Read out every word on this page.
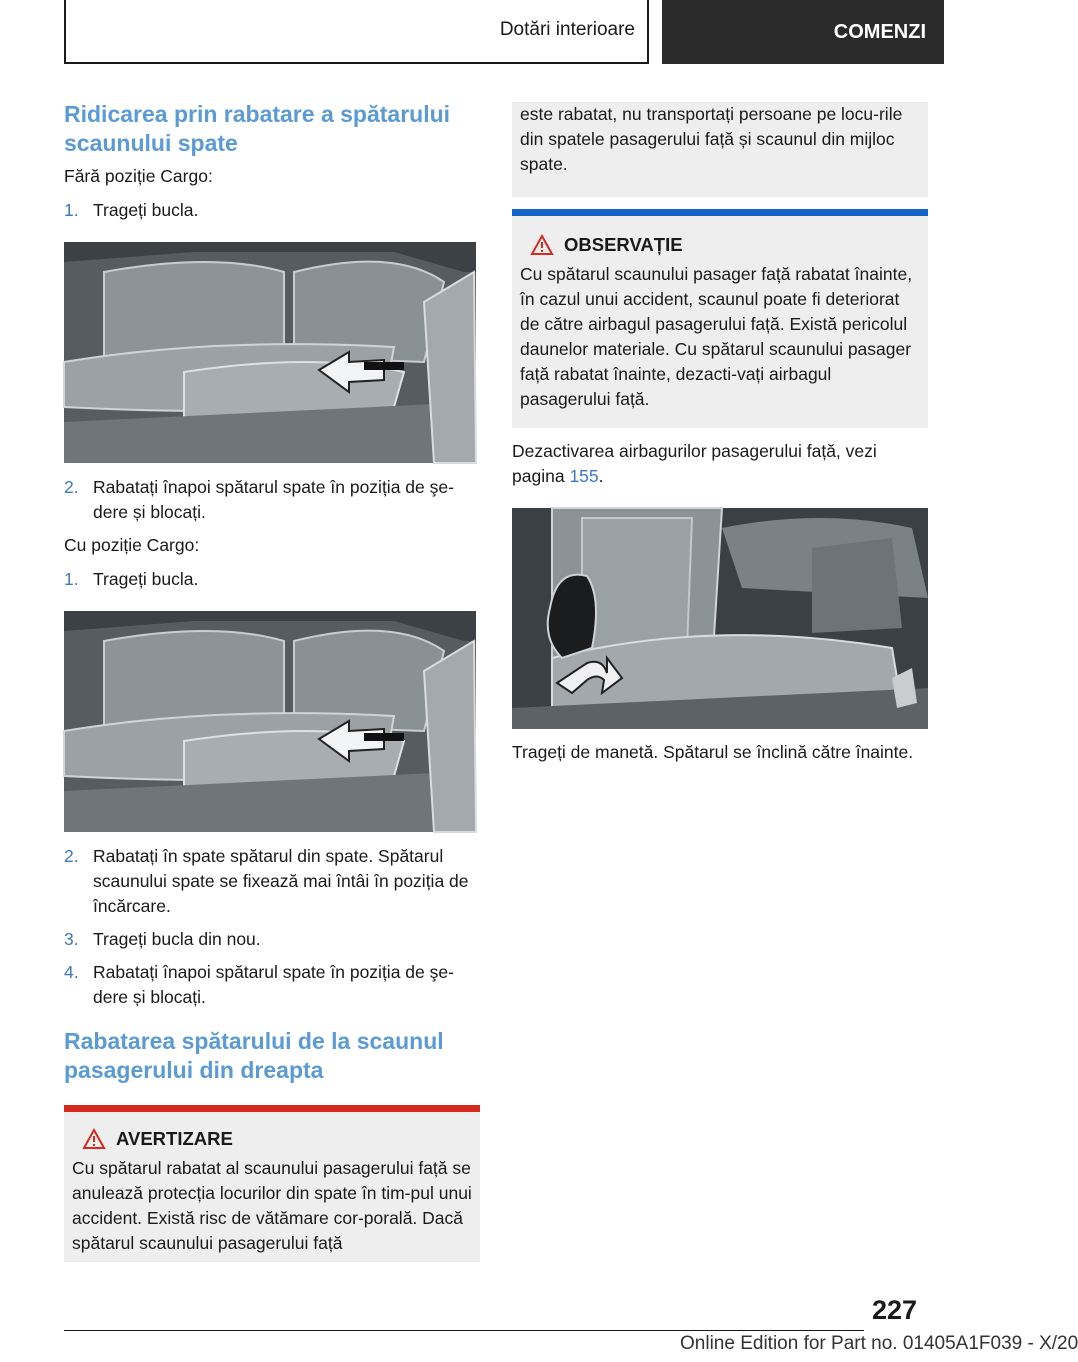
Dotări interioare	COMENZI
Ridicarea prin rabatare a spătarului scaunului spate

Fără poziție Cargo:

1. Trageți bucla.
2. Rabatați înapoi spătarul spate în poziția de şe-dere și blocați.

Cu poziție Cargo:

1. Trageți bucla.
2. Rabatați în spate spătarul din spate. Spătarul scaunului spate se fixează mai întâi în poziția de încărcare.
3. Trageți bucla din nou.
4. Rabatați înapoi spătarul spate în poziția de şe-dere și blocați.
Rabatarea spătarului de la scaunul pasagerului din dreapta
AVERTIZARE

Cu spătarul rabatat al scaunului pasagerului față se anulează protecția locurilor din spate în tim-pul unui accident. Există risc de vătămare cor-porală. Dacă spătarul scaunului pasagerului față

este rabatat, nu transportați persoane pe locu-rile din spatele pasagerului față și scaunul din mijloc spate.

OBSERVAȚIE

Cu spătarul scaunului pasager față rabatat înainte, în cazul unui accident, scaunul poate fi deteriorat de către airbagul pasagerului față. Există pericolul daunelor materiale. Cu spătarul scaunului pasager față rabatat înainte, dezacti-vați airbagul pasagerului față.

Dezactivarea airbagurilor pasagerului față, vezi pagina 155.

Trageți de manetă. Spătarul se înclină către înainte.

227
Online Edition for Part no. 01405A1F039 - X/20
